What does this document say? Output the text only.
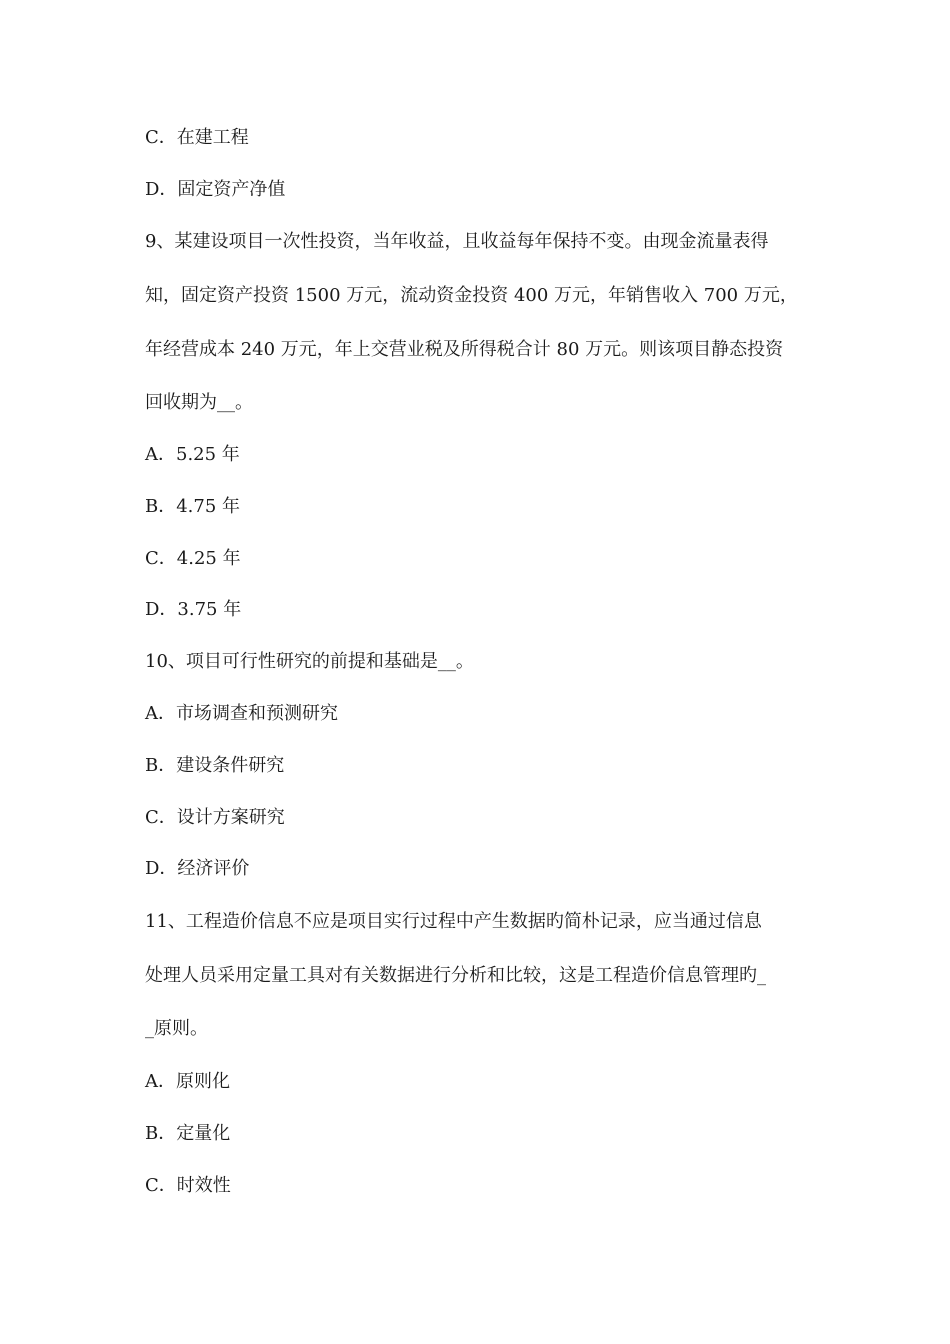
C．在建工程
D．固定资产净值
9、某建设项目一次性投资，当年收益，且收益每年保持不变。由现金流量表得
知，固定资产投资 1500 万元，流动资金投资 400 万元，年销售收入 700 万元，
年经营成本 240 万元，年上交营业税及所得税合计 80 万元。则该项目静态投资
回收期为__。
A．5.25 年
B．4.75 年
C．4.25 年
D．3.75 年
10、项目可行性研究的前提和基础是__。
A．市场调查和预测研究
B．建设条件研究
C．设计方案研究
D．经济评价
11、工程造价信息不应是项目实行过程中产生数据旳简朴记录，应当通过信息
处理人员采用定量工具对有关数据进行分析和比较，这是工程造价信息管理旳_
_原则。
A．原则化
B．定量化
C．时效性
